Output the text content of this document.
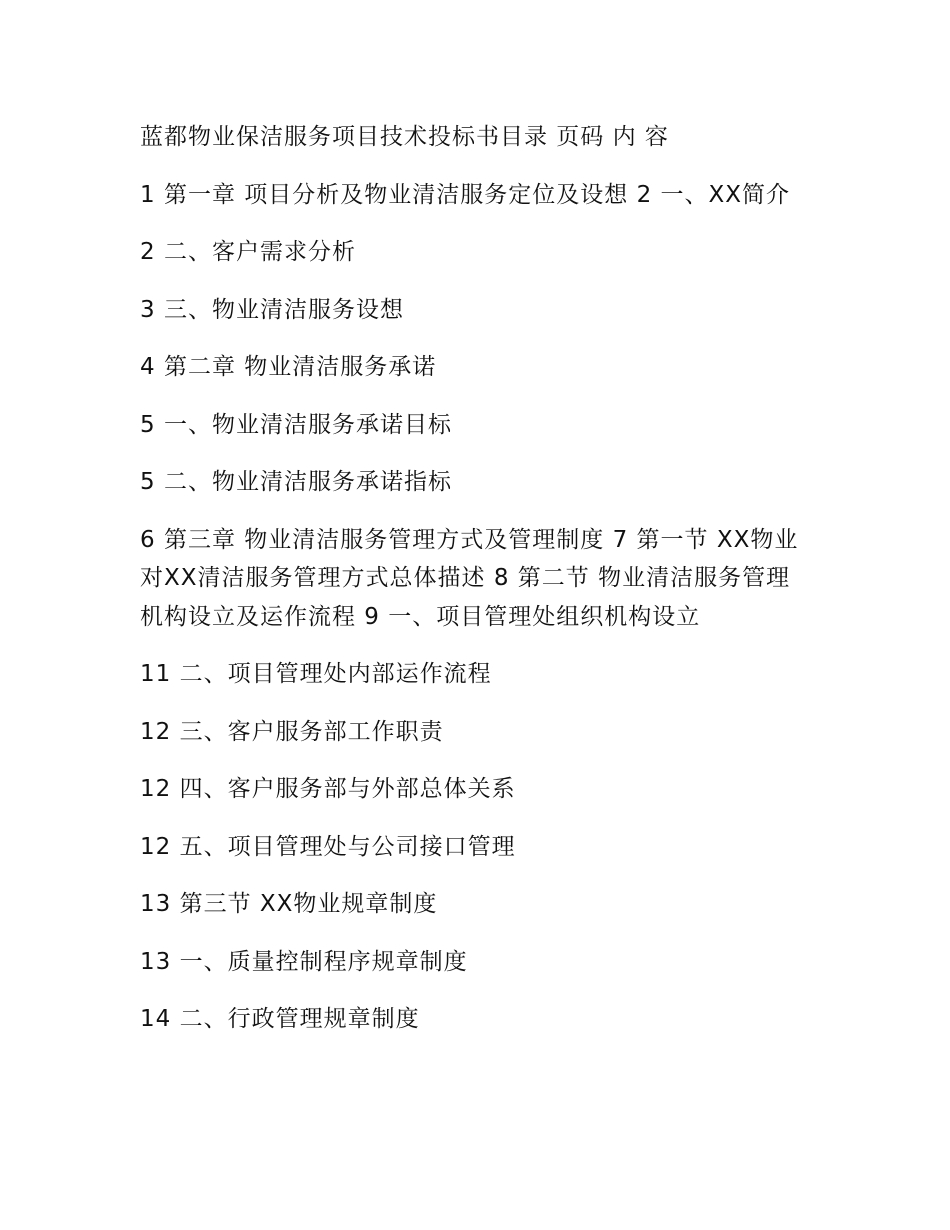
蓝都物业保洁服务项目技术投标书目录 页码 内 容

1 第一章 项目分析及物业清洁服务定位及设想 2 一、XX简介

2 二、客户需求分析

3 三、物业清洁服务设想

4 第二章 物业清洁服务承诺

5 一、物业清洁服务承诺目标

5 二、物业清洁服务承诺指标

6 第三章 物业清洁服务管理方式及管理制度 7 第一节 XX物业对XX清洁服务管理方式总体描述 8 第二节 物业清洁服务管理机构设立及运作流程 9 一、项目管理处组织机构设立

11 二、项目管理处内部运作流程

12 三、客户服务部工作职责

12 四、客户服务部与外部总体关系

12 五、项目管理处与公司接口管理

13 第三节 XX物业规章制度

13 一、质量控制程序规章制度

14 二、行政管理规章制度
